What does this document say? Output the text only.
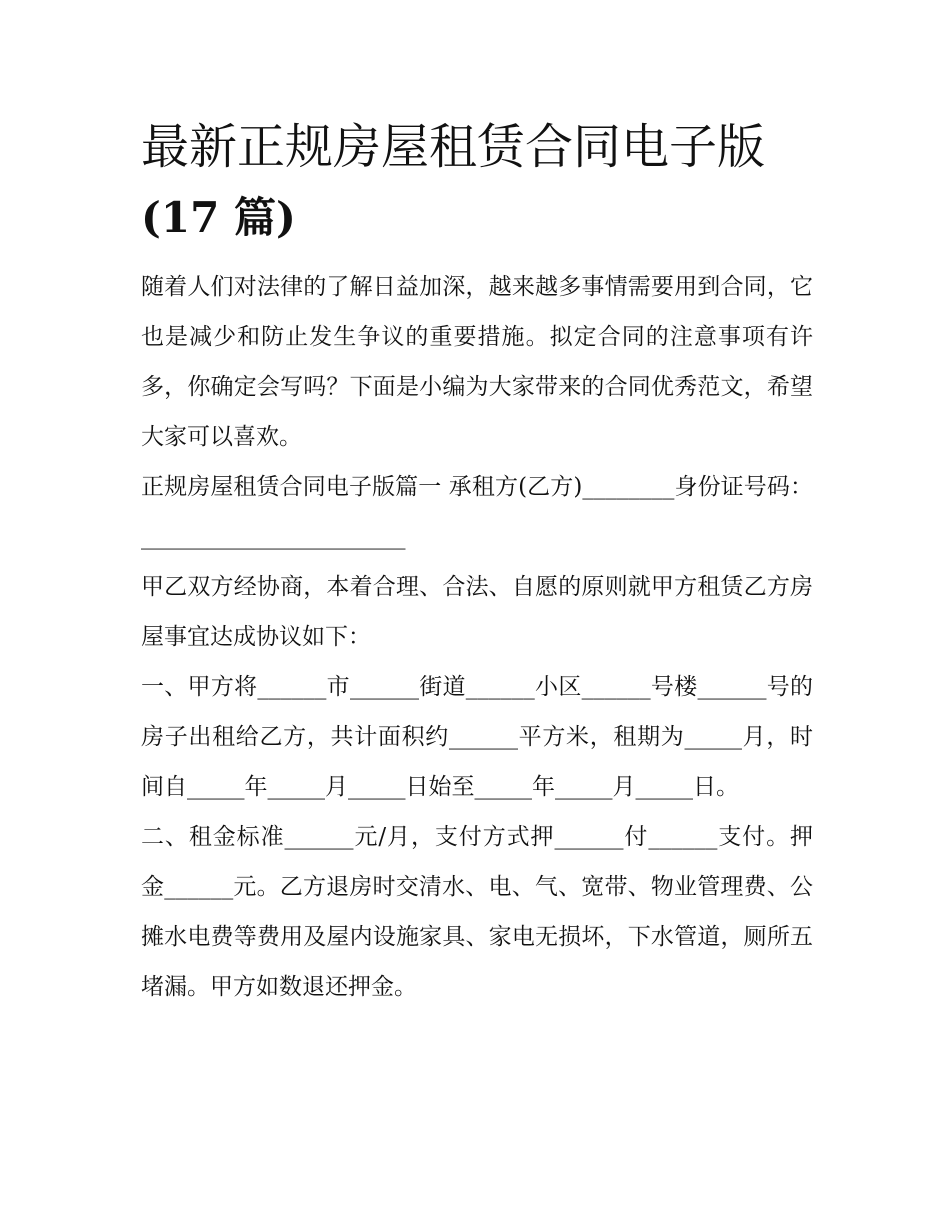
最新正规房屋租赁合同电子版
(17 篇)

随着人们对法律的了解日益加深，越来越多事情需要用到合同，它也是减少和防止发生争议的重要措施。拟定合同的注意事项有许多，你确定会写吗？下面是小编为大家带来的合同优秀范文，希望大家可以喜欢。

正规房屋租赁合同电子版篇一 承租方(乙方)________身份证号码：_______________________

甲乙双方经协商，本着合理、合法、自愿的原则就甲方租赁乙方房屋事宜达成协议如下：

一、甲方将______市______街道______小区______号楼______号的房子出租给乙方，共计面积约______平方米，租期为_____月，时间自_____年_____月_____日始至_____年_____月_____日。

二、租金标准______元/月，支付方式押______付______支付。押金______元。乙方退房时交清水、电、气、宽带、物业管理费、公摊水电费等费用及屋内设施家具、家电无损坏，下水管道，厕所五堵漏。甲方如数退还押金。
